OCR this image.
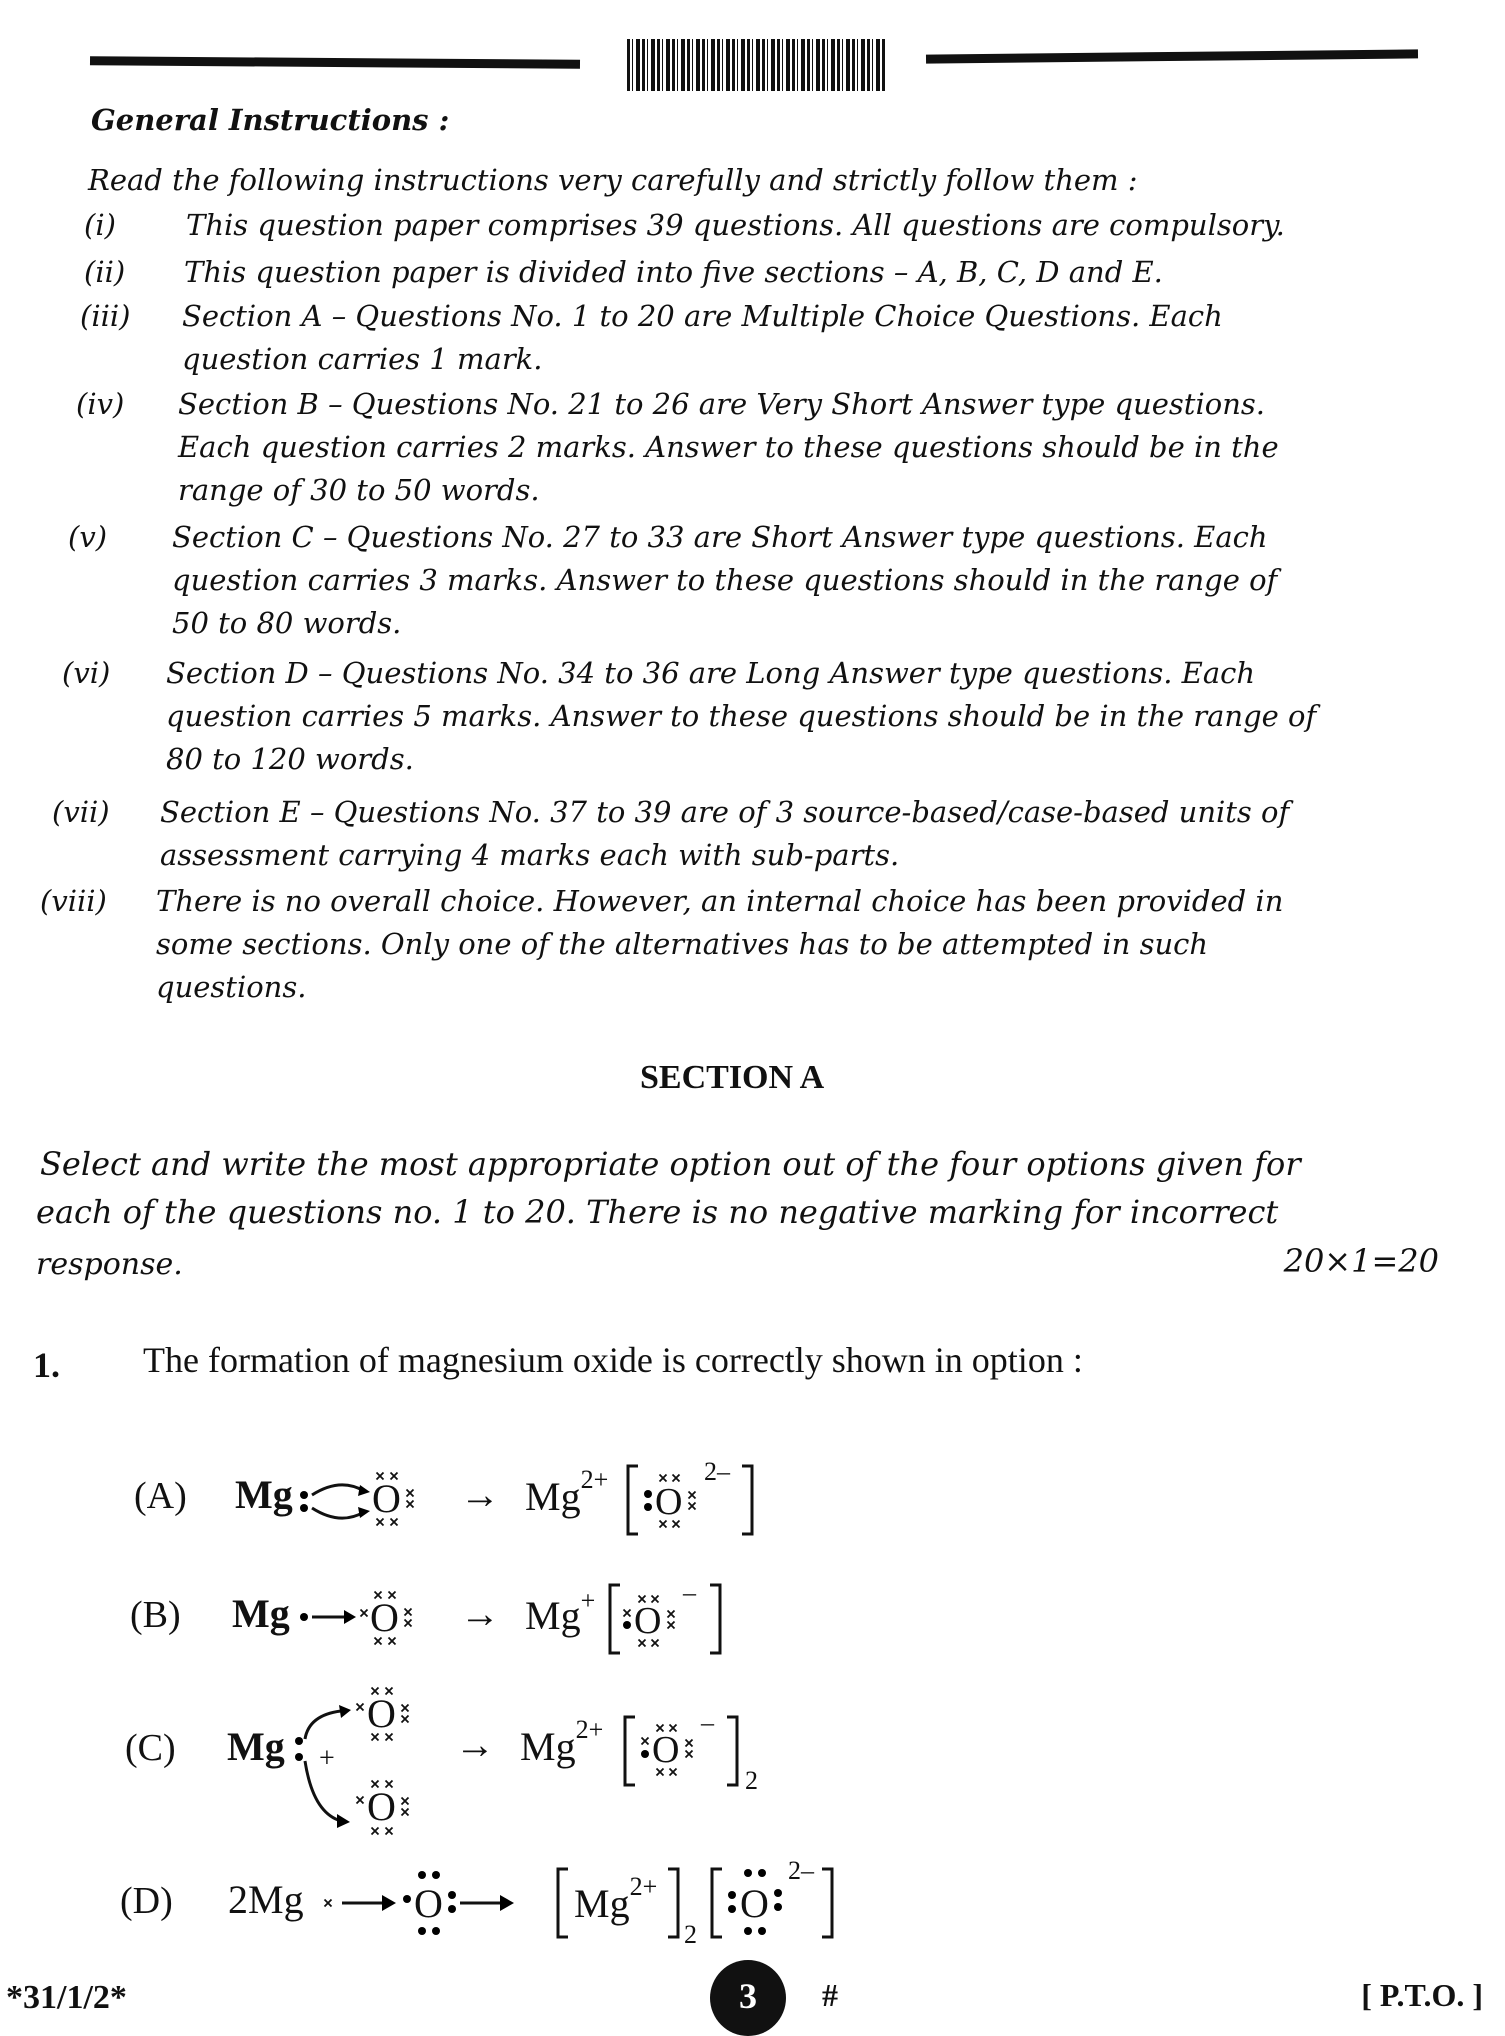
General Instructions :
Read the following instructions very carefully and strictly follow them :
(i) This question paper comprises 39 questions. All questions are compulsory.
(ii) This question paper is divided into five sections – A, B, C, D and E.
(iii) Section A – Questions No. 1 to 20 are Multiple Choice Questions. Each
question carries 1 mark.
(iv) Section B – Questions No. 21 to 26 are Very Short Answer type questions.
Each question carries 2 marks. Answer to these questions should be in the
range of 30 to 50 words.
(v) Section C – Questions No. 27 to 33 are Short Answer type questions. Each
question carries 3 marks. Answer to these questions should in the range of
50 to 80 words.
(vi) Section D – Questions No. 34 to 36 are Long Answer type questions. Each
question carries 5 marks. Answer to these questions should be in the range of
80 to 120 words.
(vii) Section E – Questions No. 37 to 39 are of 3 source-based/case-based units of
assessment carrying 4 marks each with sub-parts.
(viii) There is no overall choice. However, an internal choice has been provided in
some sections. Only one of the alternatives has to be attempted in such
questions.
SECTION A
Select and write the most appropriate option out of the four options given for
each of the questions no. 1 to 20. There is no negative marking for incorrect
response.	20×1=20
1. The formation of magnesium oxide is correctly shown in option :
(A) Mg $O \to Mg^{2+}$
O
2–
(B) Mg O → Mg+ O
–
(C) Mg +
O
O
→ $Mg^{2+}$ O
–
2
(D) 2Mg	O	$Mg^{2+}$
2
O
2–
*31/1/2*	3	#	[ P.T.O. ]
